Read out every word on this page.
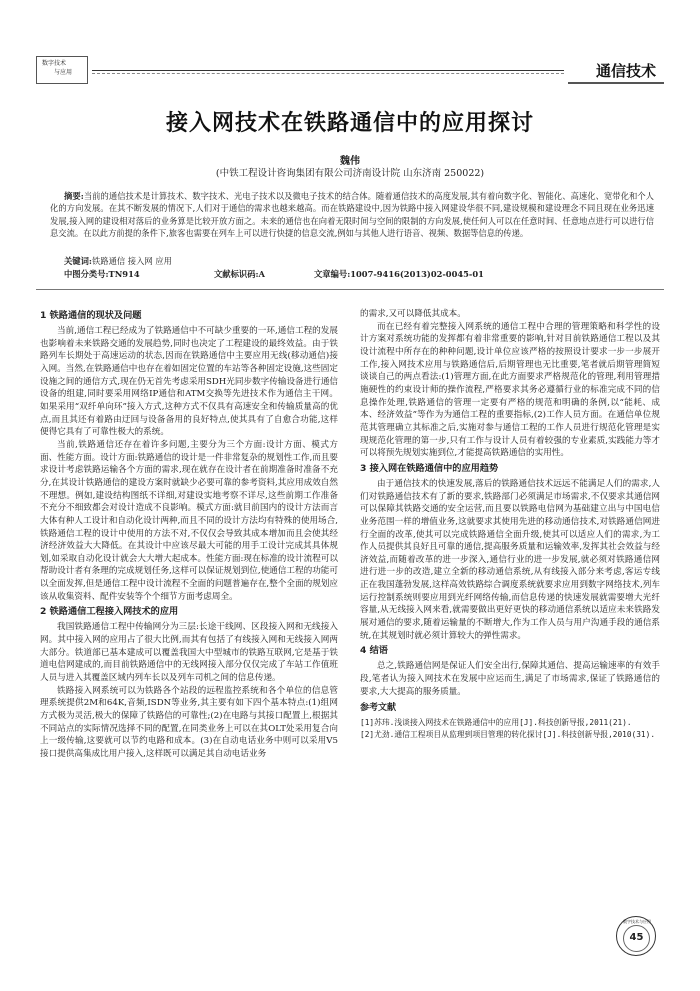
数字技术
与应用	通信技术
接入网技术在铁路通信中的应用探讨
魏伟
(中铁工程设计咨询集团有限公司济南设计院 山东济南 250022)
摘要:当前的通信技术是计算技术、数字技术、光电子技术以及微电子技术的结合体。随着通信技术的高度发展,其有着向数字化、智能化、高速化、宽带化和个人化的方向发展。在其不断发展的情况下,人们对于通信的需求也越来越高。而在铁路建设中,因为铁路中接入网建设华很不同,建设规模和建设理念不同且现在业务迅速发展,接入网的建设相对落后的业务算是比较开放方面之。未来的通信也在向着无限时间与空间的限制的方向发展,使任何人可以在任意时间、任意地点进行可以进行信息交流。在以此方前提的条件下,旅客也需要在列车上可以进行快捷的信息交流,例如与其他人进行语音、视频、数据等信息的传递。
关键词:铁路通信 接入网 应用
中图分类号:TN914	文献标识码:A	文章编号:1007-9416(2013)02-0045-01
1 铁路通信的现状及问题

当前,通信工程已经成为了铁路通信中不可缺少重要的一环,通信工程的发展也影响着未来铁路交通的发展趋势,同时也决定了工程建设的最终效益。由于铁路列车长期处于高速运动的状态,因而在铁路通信中主要应用无线(移动通信)接入网。当然,在铁路通信中也存在着如固定位置的车站等各种固定设施,这些固定设施之间的通信方式,现在仍无首先考虑采用SDH光同步数字传输设备进行通信设备的组建,同时要采用网络IP通信和ATM交换等先进技术作为通信主干网。如果采用“双纤单向环”接入方式,这种方式不仅具有高速安全和传输质量高的优点,而且其还有着路由迂回与设备备用的良好特点,使其具有了自愈合功能,这样便得它具有了可靠性极大的系统。

当前,铁路通信还存在着许多问题,主要分为三个方面:设计方面、模式方面、性能方面。设计方面:铁路通信的设计是一件非常复杂的规划性工作,而且要求设计考虑铁路运输各个方面的需求,现在就存在设计者在前期准备时准备不充分,在其设计铁路通信的建设方案时就缺少必要可靠的参考资料,其应用成效自然不理想。例如,建设结构图纸不详细,对建设实地考察不详尽,这些前期工作准备不充分不细致都会对设计造成不良影响。模式方面:就目前国内的设计方法而言大体有种人工设计和自动化设计两种,而且不同的设计方法均有特殊的使用场合,铁路通信工程的设计中使用的方法不对,不仅仅会导致其成本增加而且会使其经济经济效益大大降低。在其设计中应该尽最大可能的用手工设计完成其具体规划,如采取自动化设计就会大大增大起成本。性能方面:现在标准的设计流程可以帮助设计者有条理的完成规划任务,这样可以保证规划到位,使通信工程的功能可以全面发挥,但是通信工程中设计流程不全面的问题普遍存在,整个全面的规划应该从收集资料、配件安装等个个细节方面考虑周全。

2 铁路通信工程接入网技术的应用

我国铁路通信工程中传输网分为三层:长途干线网、区段接入网和无线接入网。其中接入网的应用占了很大比例,而其有包括了有线接入网和无线接入网两大部分。铁道部已基本建成可以覆盖我国大中型城市的铁路互联网,它是基于铁道电信网建成的,而目前铁路通信中的无线网接入部分仅仅完成了车站工作值班人员与进入其覆盖区域内列车长以及列车司机之间的信息传递。

铁路接入网系统可以为铁路各个站段的远程监控系统和各个单位的信息管理系统提供2M和64K,音频,ISDN等业务,其主要有如下四个基本特点:(1)组网方式极为灵活,极大的保障了铁路信的可靠性;(2)在电路与其接口配置上,根据其不同站点的实际情况选择不同的配置,在同类业务上可以在其OLT处采用复合向上一级传输,这要就可以节约电路和成本。(3)在自动电话业务中则可以采用V5接口提供高集成比用户接入,这样既可以满足其自动电话业务

的需求,又可以降低其成本。

而在已经有着完整接入网系统的通信工程中合理的管理策略和科学性的设计方案对系统功能的发挥都有着非常重要的影响,针对目前铁路通信工程以及其设计流程中所存在的种种问题,设计单位应该严格的按照设计要求一步一步展开工作,接入网技术应用与铁路通信后,后期管理也无比重要,笔者就后期管理简短谈谈自己的两点看法:(1)管理方面,在此方面要求严格规范化的管理,利用管理措施硬性的约束设计师的操作流程,严格要求其务必遵循行业的标准完成不同的信息操作处理,铁路通信的管理一定要有严格的规范和明确的条例,以“能耗、成本、经济效益”等作为为通信工程的重要指标,(2)工作人员方面。在通信单位规范其管理确立其标准之后,实施对参与通信工程的工作人员进行规范化管理是实现规范化管理的第一步,只有工作与设计人员有着较强的专业素质,实践能力等才可以将预先规划实施到位,才能提高铁路通信的实用性。

3 接入网在铁路通信中的应用趋势

由于通信技术的快速发展,落后的铁路通信技术远远不能满足人们的需求,人们对铁路通信技术有了新的要求,铁路部门必须满足市场需求,不仅要求其通信网可以保障其铁路交通的安全运营,而且要以铁路电信网为基础建立出与中国电信业务范围一样的增值业务,这就要求其使用先进的移动通信技术,对铁路通信网进行全面的改革,使其可以完成铁路通信全面升级,使其可以适应人们的需求,为工作人员提供其良好且可靠的通信,提高服务质量和运输效率,发挥其社会效益与经济效益,而随着改革的进一步深入,通信行业的进一步发展,就必须对铁路通信网进行进一步的改造,建立全新的移动通信系统,从有线接入部分来考虑,客运专线正在我国蓬勃发展,这样高效铁路综合调度系统就要求应用到数字网络技术,列车运行控制系统则要应用到光纤网络传输,而信息传递的快速发展就需要增大光纤容量,从无线接入网来看,就需要做出更好更快的移动通信系统以适应未来铁路发展对通信的要求,随着运输量的不断增大,作为工作人员与用户沟通手段的通信系统,在其规划时就必须计算较大的弹性需求。

4 结语

总之,铁路通信网是保证人们安全出行,保障其通信、提高运输速率的有效手段,笔者认为接入网技术在发展中应运而生,满足了市场需求,保证了铁路通信的要求,大大提高的服务质量。

参考文献

[1]苏玮.浅谈接入网技术在铁路通信中的应用[J].科技创新导报,2011(21).

[2]尤劲.通信工程项目从监理到项目管理的转化探讨[J].科技创新导报,2010(31).

数字技术与应用
45
